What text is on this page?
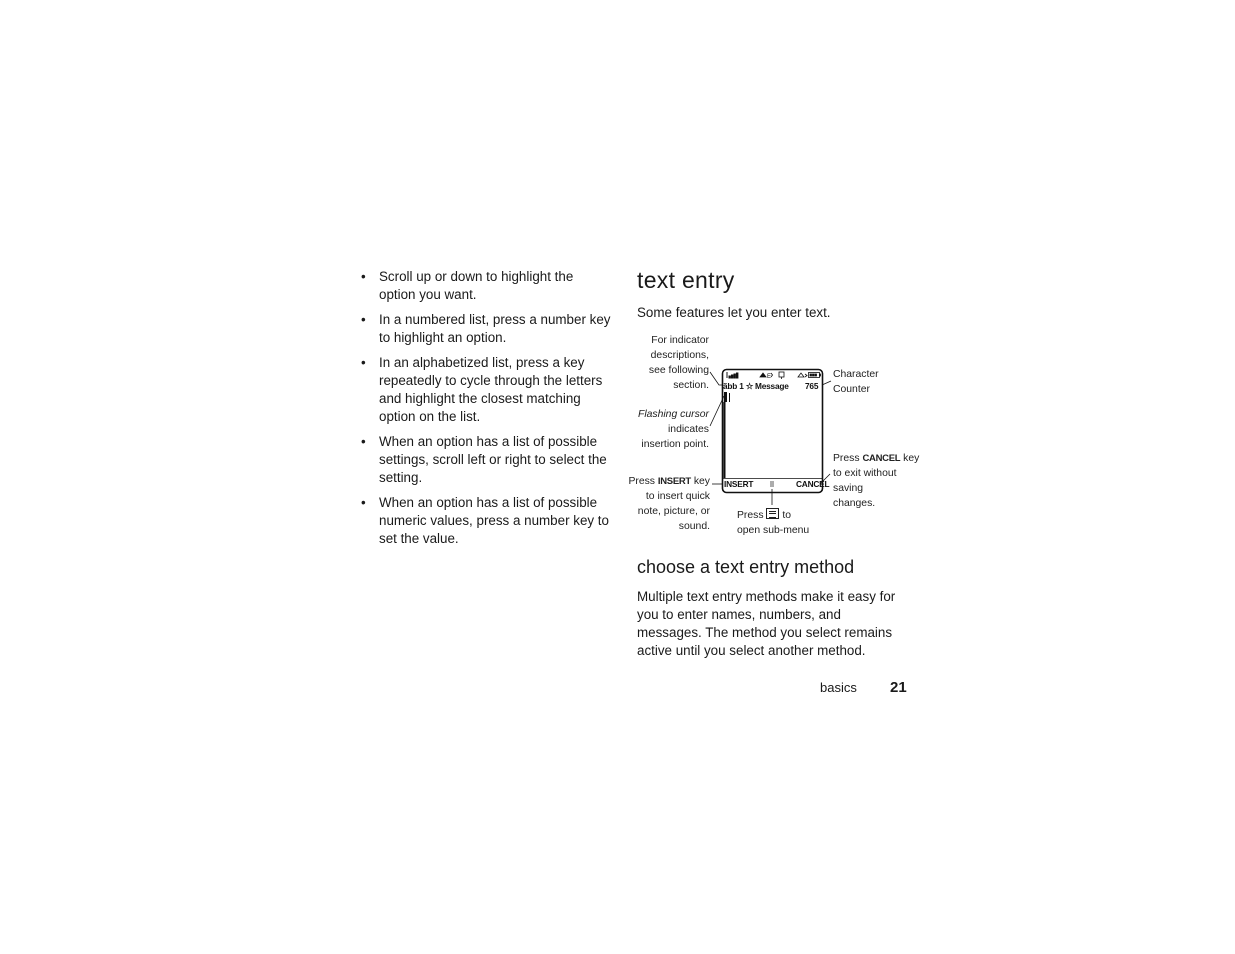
• Scroll up or down to highlight the option you want.
• In a numbered list, press a number key to highlight an option.
• In an alphabetized list, press a key repeatedly to cycle through the letters and highlight the closest matching option on the list.
• When an option has a list of possible settings, scroll left or right to select the setting.
• When an option has a list of possible numeric values, press a number key to set the value.
text entry

Some features let you enter text.

E
ãbb 1 ☆ Message 765
INSERT	CANCEL
For indicator
descriptions,
see following
section.
Flashing cursor
indicates
insertion point.
Press INSERT key
to insert quick
note, picture, or
sound.
Character
Counter
Press CANCEL key
to exit without
saving
changes.
Press to
open sub-menu
choose a text entry method

Multiple text entry methods make it easy for you to enter names, numbers, and messages. The method you select remains active until you select another method.

basics 21
